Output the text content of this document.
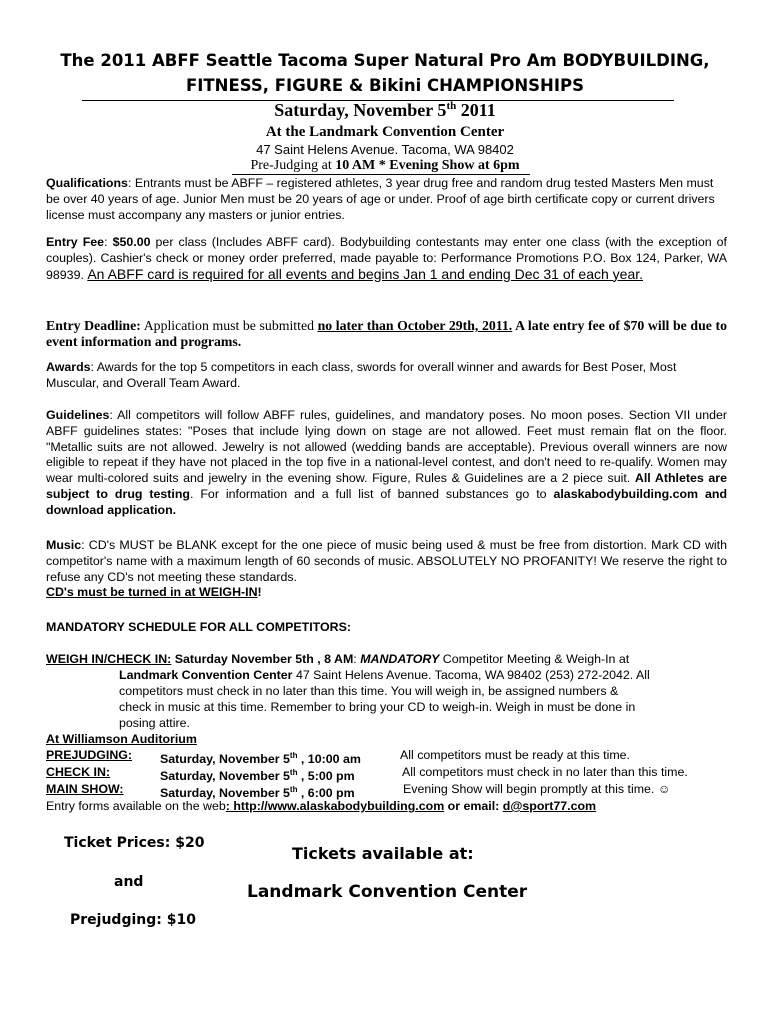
The 2011 ABFF Seattle Tacoma Super Natural Pro Am BODYBUILDING,
FITNESS, FIGURE & Bikini CHAMPIONSHIPS
Saturday, November 5th 2011
At the Landmark Convention Center
47 Saint Helens Avenue. Tacoma, WA 98402
Pre-Judging at 10 AM * Evening Show at 6pm
Qualifications: Entrants must be ABFF – registered athletes, 3 year drug free and random drug tested Masters Men must be over 40 years of age. Junior Men must be 20 years of age or under. Proof of age birth certificate copy or current drivers license must accompany any masters or junior entries.
Entry Fee: $50.00 per class (Includes ABFF card). Bodybuilding contestants may enter one class (with the exception of couples). Cashier's check or money order preferred, made payable to: Performance Promotions P.O. Box 124, Parker, WA 98939. An ABFF card is required for all events and begins Jan 1 and ending Dec 31 of each year.
Entry Deadline: Application must be submitted no later than October 29th, 2011. A late entry fee of $70 will be due to event information and programs.
Awards: Awards for the top 5 competitors in each class, swords for overall winner and awards for Best Poser, Most Muscular, and Overall Team Award.
Guidelines: All competitors will follow ABFF rules, guidelines, and mandatory poses. No moon poses. Section VII under ABFF guidelines states: "Poses that include lying down on stage are not allowed. Feet must remain flat on the floor. "Metallic suits are not allowed. Jewelry is not allowed (wedding bands are acceptable). Previous overall winners are now eligible to repeat if they have not placed in the top five in a national-level contest, and don't need to re-qualify. Women may wear multi-colored suits and jewelry in the evening show. Figure, Rules & Guidelines are a 2 piece suit. All Athletes are subject to drug testing. For information and a full list of banned substances go to alaskabodybuilding.com and download application.
Music: CD's MUST be BLANK except for the one piece of music being used & must be free from distortion. Mark CD with competitor's name with a maximum length of 60 seconds of music. ABSOLUTELY NO PROFANITY! We reserve the right to refuse any CD's not meeting these standards.
CD's must be turned in at WEIGH-IN!
MANDATORY SCHEDULE FOR ALL COMPETITORS:
WEIGH IN/CHECK IN: Saturday November 5th , 8 AM: MANDATORY Competitor Meeting & Weigh-In at
Landmark Convention Center 47 Saint Helens Avenue. Tacoma, WA 98402 (253) 272-2042. All
competitors must check in no later than this time. You will weigh in, be assigned numbers &
check in music at this time. Remember to bring your CD to weigh-in. Weigh in must be done in
posing attire.
At Williamson Auditorium
PREJUDGING: Saturday, November 5th , 10:00 am	All competitors must be ready at this time.
CHECK IN:	Saturday, November 5th , 5:00 pm	All competitors must check in no later than this time.
MAIN SHOW:	Saturday, November 5th , 6:00 pm	Evening Show will begin promptly at this time. ☺
Entry forms available on the web: http://www.alaskabodybuilding.com or email: d@sport77.com
Ticket Prices: $20
and
Prejudging: $10
Tickets available at:
Landmark Convention Center
